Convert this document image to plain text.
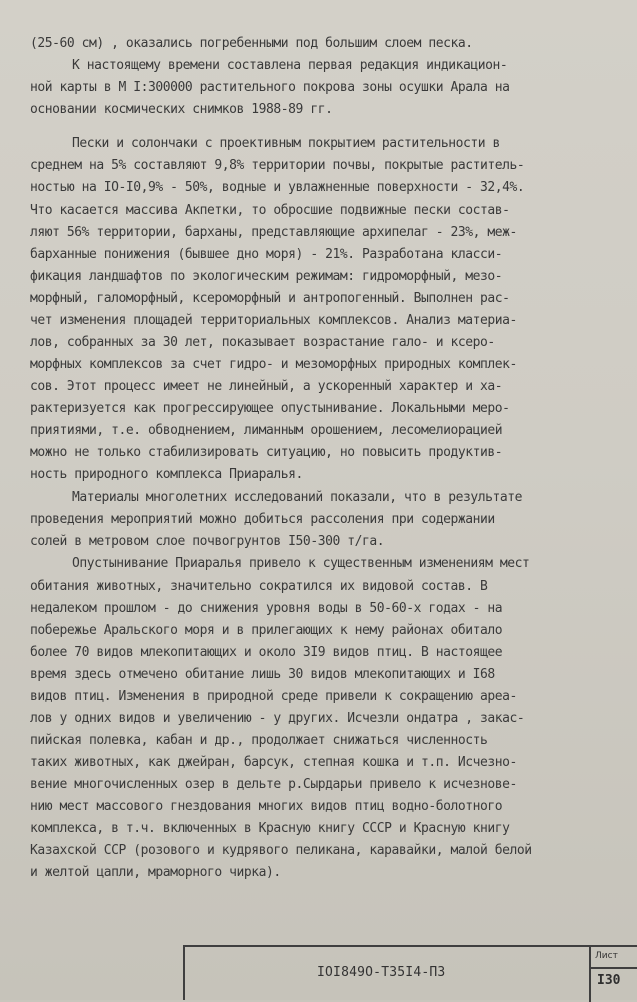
(25-60 см) , оказались погребенными под большим слоем песка.
К настоящему времени составлена первая редакция индикацион-
ной карты в М I:300000 растительного покрова зоны осушки Арала на
основании космических снимков 1988-89 гг.
Пески и солончаки с проективным покрытием растительности в
среднем на 5% составляют 9,8% территории почвы, покрытые раститель-
ностью на IO-I0,9% - 50%, водные и увлажненные поверхности - 32,4%.
Что касается массива Акпетки, то обросшие подвижные пески состав-
ляют 56% территории, барханы, представляющие архипелаг - 23%, меж-
барханные понижения (бывшее дно моря) - 21%. Разработана класси-
фикация ландшафтов по экологическим режимам: гидроморфный, мезо-
морфный, галоморфный, ксероморфный и антропогенный. Выполнен рас-
чет изменения площадей территориальных комплексов. Анализ материа-
лов, собранных за 30 лет, показывает возрастание гало- и ксеро-
морфных комплексов за счет гидро- и мезоморфных природных комплек-
сов. Этот процесс имеет не линейный, а ускоренный характер и ха-
рактеризуется как прогрессирующее опустынивание. Локальными меро-
приятиями, т.е. обводнением, лиманным орошением, лесомелиорацией
можно не только стабилизировать ситуацию, но повысить продуктив-
ность природного комплекса Приаралья.
Материалы многолетних исследований показали, что в результате
проведения мероприятий можно добиться рассоления при содержании
солей в метровом слое почвогрунтов I50-300 т/га.
Опустынивание Приаралья привело к существенным изменениям мест
обитания животных, значительно сократился их видовой состав. В
недалеком прошлом - до снижения уровня воды в 50-60-х годах - на
побережье Аральского моря и в прилегающих к нему районах обитало
более 70 видов млекопитающих и около 3I9 видов птиц. В настоящее
время здесь отмечено обитание лишь 30 видов млекопитающих и I68
видов птиц. Изменения в природной среде привели к сокращению ареа-
лов у одних видов и увеличению - у других. Исчезли ондатра , закас-
пийская полевка, кабан и др., продолжает снижаться численность
таких животных, как джейран, барсук, степная кошка и т.п. Исчезно-
вение многочисленных озер в дельте р.Сырдарьи привело к исчезнове-
нию мест массового гнездования многих видов птиц водно-болотного
комплекса, в т.ч. включенных в Красную книгу СССР и Красную книгу
Казахской ССР (розового и кудрявого пеликана, каравайки, малой белой
и желтой цапли, мраморного чирка).
IOI849O-T35I4-П3
Лист
I30
